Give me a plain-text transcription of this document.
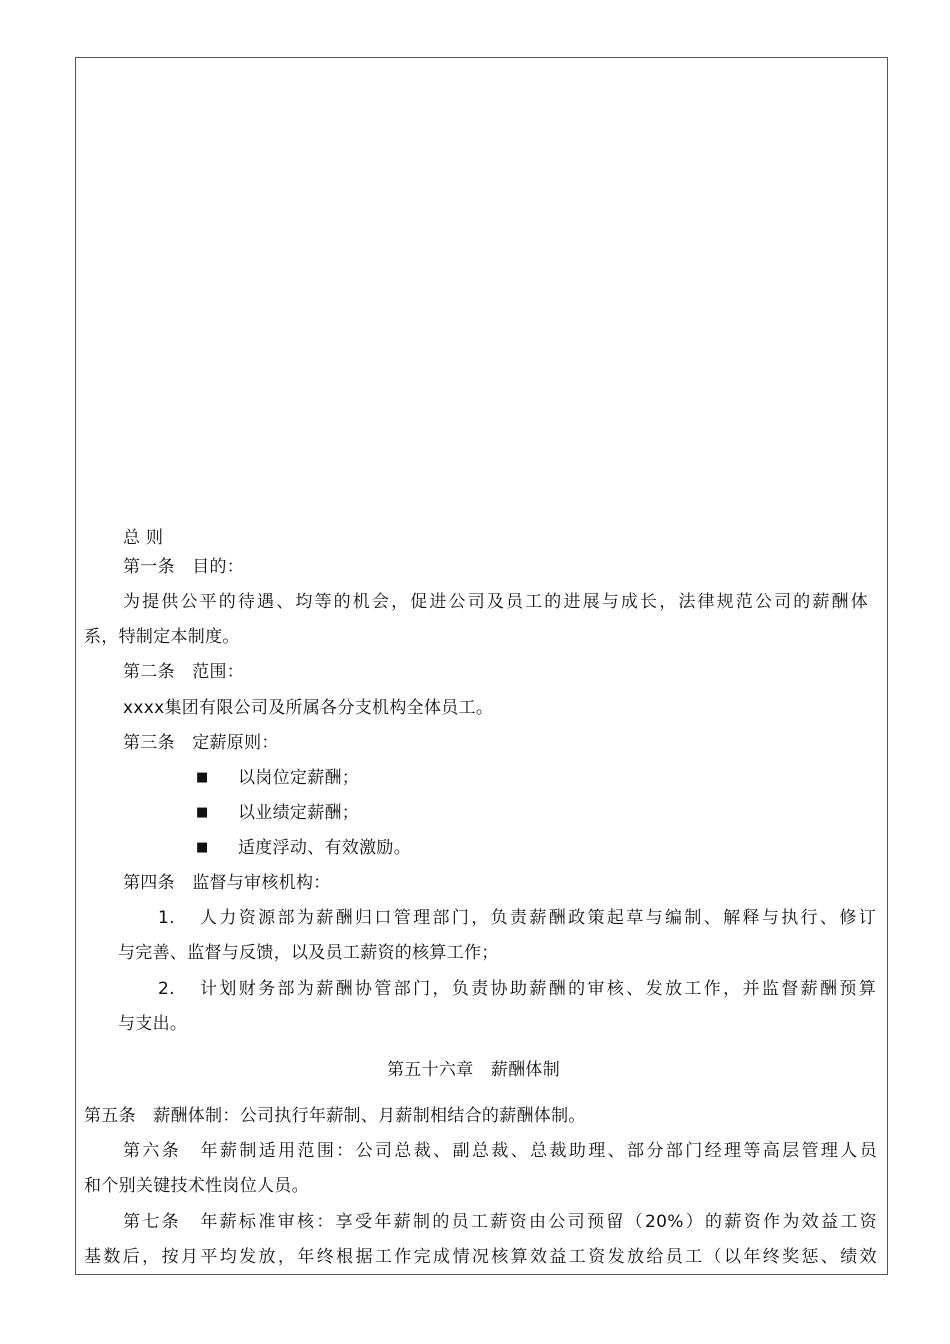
总 则
第一条　目的：
为提供公平的待遇、均等的机会，促进公司及员工的进展与成长，法律规范公司的薪酬体
系，特制定本制度。
第二条　范围：
xxxx集团有限公司及所属各分支机构全体员工。
第三条　定薪原则：
■ 以岗位定薪酬；
■ 以业绩定薪酬；
■ 适度浮动、有效激励。
第四条　监督与审核机构：
1. 人力资源部为薪酬归口管理部门，负责薪酬政策起草与编制、解释与执行、修订
与完善、监督与反馈，以及员工薪资的核算工作；
2. 计划财务部为薪酬协管部门，负责协助薪酬的审核、发放工作，并监督薪酬预算
与支出。
第五十六章　薪酬体制
第五条　薪酬体制：公司执行年薪制、月薪制相结合的薪酬体制。
第六条　年薪制适用范围：公司总裁、副总裁、总裁助理、部分部门经理等高层管理人员
和个别关键技术性岗位人员。
第七条　年薪标准审核：享受年薪制的员工薪资由公司预留（20%）的薪资作为效益工资
基数后，按月平均发放，年终根据工作完成情况核算效益工资发放给员工（以年终奖惩、绩效
